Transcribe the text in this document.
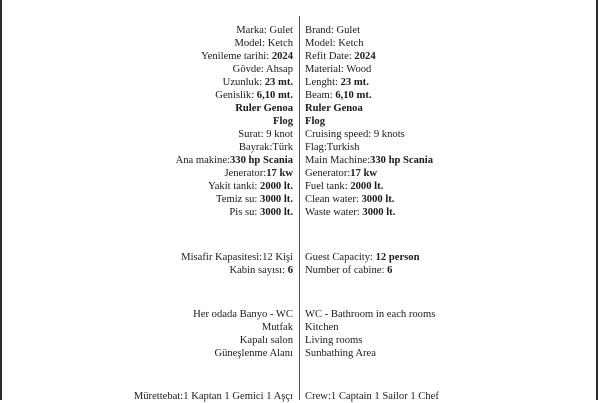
Marka: Gulet Brand: Gulet
Model: Ketch Model: Ketch
Yenileme tarihi: 2024 Refit Date: 2024
Gövde: Ahsap Material: Wood
Uzunluk: 23 mt. Lenght: 23 mt.
Genislik: 6,10 mt. Beam: 6,10 mt.
Ruler Genoa Ruler Genoa
Flog Flog
Surat: 9 knot Cruising speed: 9 knots
Bayrak:Türk Flag:Turkish
Ana makine:330 hp Scania Main Machine:330 hp Scania
Jenerator:17 kw Generator:17 kw
Yakit tanki: 2000 lt. Fuel tank: 2000 lt.
Temiz su: 3000 lt. Clean water: 3000 lt.
Pis su: 3000 lt. Waste water: 3000 lt.
Misafir Kapasitesi:12 Kişi Guest Capacity: 12 person
Kabin sayısı: 6 Number of cabine: 6
Her odada Banyo - WC WC - Bathroom in each rooms
Mutfak Kitchen
Kapalı salon Living rooms
Güneşlenme Alanı Sunbathing Area
Mürettebat:1 Kaptan 1 Gemici 1 Aşçı Crew:1 Captain 1 Sailor 1 Chef
